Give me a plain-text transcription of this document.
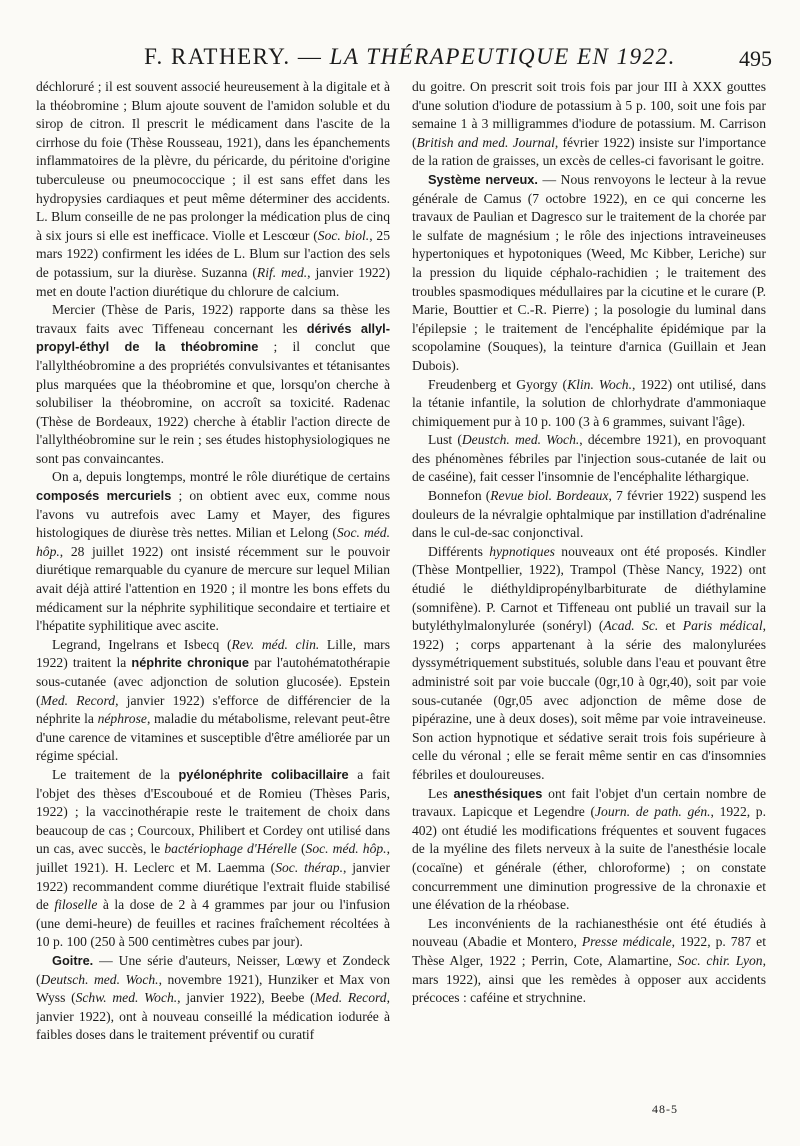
F. RATHERY. — LA THÉRAPEUTIQUE EN 1922.	495

déchloruré ; il est souvent associé heureusement à la digitale et à la théobromine ; Blum ajoute souvent de l'amidon soluble et du sirop de citron. Il prescrit le médicament dans l'ascite de la cirrhose du foie (Thèse Rousseau, 1921), dans les épanchements inflammatoires de la plèvre, du péricarde, du péritoine d'origine tuberculeuse ou pneumococcique ; il est sans effet dans les hydropysies cardiaques et peut même déterminer des accidents. L. Blum conseille de ne pas prolonger la médication plus de cinq à six jours si elle est inefficace. Violle et Lescœur (Soc. biol., 25 mars 1922) confirment les idées de L. Blum sur l'action des sels de potassium, sur la diurèse. Suzanna (Rif. med., janvier 1922) met en doute l'action diurétique du chlorure de calcium.

Mercier (Thèse de Paris, 1922) rapporte dans sa thèse les travaux faits avec Tiffeneau concernant les dérivés allyl-propyl-éthyl de la théobromine ; il conclut que l'allylthéobromine a des propriétés convulsivantes et tétanisantes plus marquées que la théobromine et que, lorsqu'on cherche à solubiliser la théobromine, on accroît sa toxicité. Radenac (Thèse de Bordeaux, 1922) cherche à établir l'action directe de l'allylthéobromine sur le rein ; ses études histophysiologiques ne sont pas convaincantes.

On a, depuis longtemps, montré le rôle diurétique de certains composés mercuriels ; on obtient avec eux, comme nous l'avons vu autrefois avec Lamy et Mayer, des figures histologiques de diurèse très nettes. Milian et Lelong (Soc. méd. hôp., 28 juillet 1922) ont insisté récemment sur le pouvoir diurétique remarquable du cyanure de mercure sur lequel Milian avait déjà attiré l'attention en 1920 ; il montre les bons effets du médicament sur la néphrite syphilitique secondaire et tertiaire et l'hépatite syphilitique avec ascite.

Legrand, Ingelrans et Isbecq (Rev. méd. clin. Lille, mars 1922) traitent la néphrite chronique par l'autohématothérapie sous-cutanée (avec adjonction de solution glucosée). Epstein (Med. Record, janvier 1922) s'efforce de différencier de la néphrite la néphrose, maladie du métabolisme, relevant peut-être d'une carence de vitamines et susceptible d'être améliorée par un régime spécial.

Le traitement de la pyélonéphrite colibacillaire a fait l'objet des thèses d'Escouboué et de Romieu (Thèses Paris, 1922) ; la vaccinothérapie reste le traitement de choix dans beaucoup de cas ; Courcoux, Philibert et Cordey ont utilisé dans un cas, avec succès, le bactériophage d'Hérelle (Soc. méd. hôp., juillet 1921). H. Leclerc et M. Laemma (Soc. thérap., janvier 1922) recommandent comme diurétique l'extrait fluide stabilisé de filoselle à la dose de 2 à 4 grammes par jour ou l'infusion (une demi-heure) de feuilles et racines fraîchement récoltées à 10 p. 100 (250 à 500 centimètres cubes par jour).

Goitre. — Une série d'auteurs, Neisser, Lœwy et Zondeck (Deutsch. med. Woch., novembre 1921), Hunziker et Max von Wyss (Schw. med. Woch., janvier 1922), Beebe (Med. Record, janvier 1922), ont à nouveau conseillé la médication iodurée à faibles doses dans le traitement préventif ou curatif

du goitre. On prescrit soit trois fois par jour III à XXX gouttes d'une solution d'iodure de potassium à 5 p. 100, soit une fois par semaine 1 à 3 milligrammes d'iodure de potassium. M. Carrison (British and med. Journal, février 1922) insiste sur l'importance de la ration de graisses, un excès de celles-ci favorisant le goitre.

Système nerveux. — Nous renvoyons le lecteur à la revue générale de Camus (7 octobre 1922), en ce qui concerne les travaux de Paulian et Dagresco sur le traitement de la chorée par le sulfate de magnésium ; le rôle des injections intraveineuses hypertoniques et hypotoniques (Weed, Mc Kibber, Leriche) sur la pression du liquide céphalo-rachidien ; le traitement des troubles spasmodiques médullaires par la cicutine et le curare (P. Marie, Bouttier et C.-R. Pierre) ; la posologie du luminal dans l'épilepsie ; le traitement de l'encéphalite épidémique par la scopolamine (Souques), la teinture d'arnica (Guillain et Jean Dubois).

Freudenberg et Gyorgy (Klin. Woch., 1922) ont utilisé, dans la tétanie infantile, la solution de chlorhydrate d'ammoniaque chimiquement pur à 10 p. 100 (3 à 6 grammes, suivant l'âge).

Lust (Deustch. med. Woch., décembre 1921), en provoquant des phénomènes fébriles par l'injection sous-cutanée de lait ou de caséine), fait cesser l'insomnie de l'encéphalite léthargique.

Bonnefon (Revue biol. Bordeaux, 7 février 1922) suspend les douleurs de la névralgie ophtalmique par instillation d'adrénaline dans le cul-de-sac conjonctival.

Différents hypnotiques nouveaux ont été proposés. Kindler (Thèse Montpellier, 1922), Trampol (Thèse Nancy, 1922) ont étudié le diéthyldipropénylbarbiturate de diéthylamine (somnifène). P. Carnot et Tiffeneau ont publié un travail sur la butyléthylmalonylurée (sonéryl) (Acad. Sc. et Paris médical, 1922) ; corps appartenant à la série des malonylurées dyssymétriquement substitués, soluble dans l'eau et pouvant être administré soit par voie buccale (0gr,10 à 0gr,40), soit par voie sous-cutanée (0gr,05 avec adjonction de même dose de pipérazine, une à deux doses), soit même par voie intraveineuse. Son action hypnotique et sédative serait trois fois supérieure à celle du véronal ; elle se ferait même sentir en cas d'insomnies fébriles et douloureuses.

Les anesthésiques ont fait l'objet d'un certain nombre de travaux. Lapicque et Legendre (Journ. de path. gén., 1922, p. 402) ont étudié les modifications fréquentes et souvent fugaces de la myéline des filets nerveux à la suite de l'anesthésie locale (cocaïne) et générale (éther, chloroforme) ; on constate concurremment une diminution progressive de la chronaxie et une élévation de la rhéobase.

Les inconvénients de la rachianesthésie ont été étudiés à nouveau (Abadie et Montero, Presse médicale, 1922, p. 787 et Thèse Alger, 1922 ; Perrin, Cote, Alamartine, Soc. chir. Lyon, mars 1922), ainsi que les remèdes à opposer aux accidents précoces : caféine et strychnine.

48-5
